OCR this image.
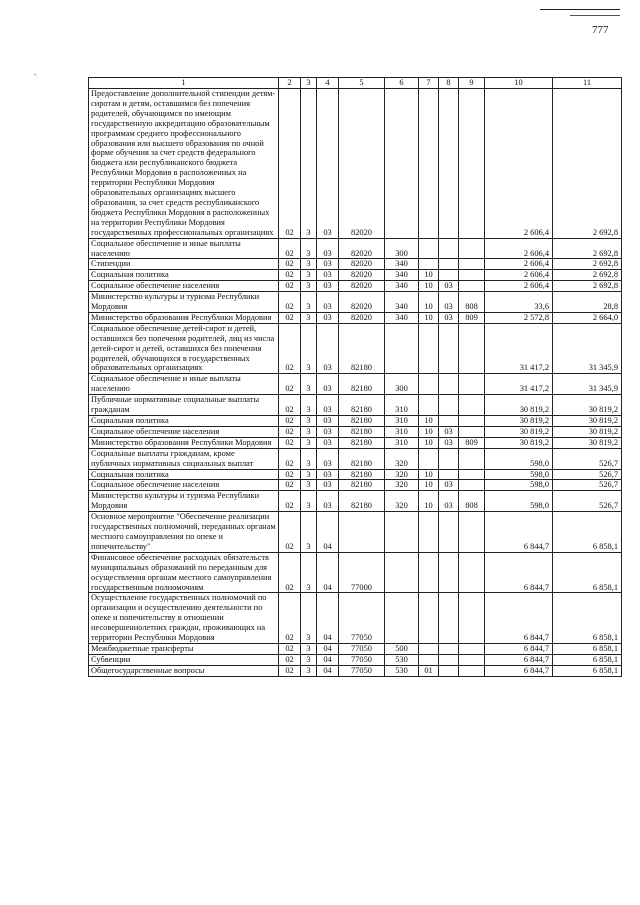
777
-
1	2	3	4	5	6	7	8	9	10	11
Предоставление дополнительной стипендии детям-сиротам и детям, оставшимся без попечения родителей, обучающимся по имеющим государственную аккредитацию образовательным программам среднего профессионального образования или высшего образования по очной форме обучения за счет средств федерального бюджета или республиканского бюджета Республики Мордовия в расположенных на территории Республики Мордовия образовательных организациях высшего образования, за счет средств республиканского бюджета Республики Мордовия в расположенных на территории Республики Мордовия государственных профессиональных организациях	02	3	03	82020					2 606,4	2 692,8
Социальное обеспечение и иные выплаты населению	02	3	03	82020	300				2 606,4	2 692,8
Стипендии	02	3	03	82020	340				2 606,4	2 692,8
Социальная политика	02	3	03	82020	340	10			2 606,4	2 692,8
Социальное обеспечение населения	02	3	03	82020	340	10	03		2 606,4	2 692,8
Министерство культуры и туризма Республики Мордовия	02	3	03	82020	340	10	03	808	33,6	28,8
Министерство образования Республики Мордовия	02	3	03	82020	340	10	03	809	2 572,8	2 664,0
Социальное обеспечение детей-сирот и детей, оставшихся без попечения родителей, лиц из числа детей-сирот и детей, оставшихся без попечения родителей, обучающихся в государственных образовательных организациях	02	3	03	82180					31 417,2	31 345,9
Социальное обеспечение и иные выплаты населению	02	3	03	82180	300				31 417,2	31 345,9
Публичные нормативные социальные выплаты гражданам	02	3	03	82180	310				30 819,2	30 819,2
Социальная политика	02	3	03	82180	310	10			30 819,2	30 819,2
Социальное обеспечение населения	02	3	03	82180	310	10	03		30 819,2	30 819,2
Министерство образования Республики Мордовия	02	3	03	82180	310	10	03	809	30 819,2	30 819,2
Социальные выплаты гражданам, кроме публичных нормативных социальных выплат	02	3	03	82180	320				598,0	526,7
Социальная политика	02	3	03	82180	320	10			598,0	526,7
Социальное обеспечение населения	02	3	03	82180	320	10	03		598,0	526,7
Министерство культуры и туризма Республики Мордовия	02	3	03	82180	320	10	03	808	598,0	526,7
Основное мероприятие "Обеспечение реализации государственных полномочий, переданных органам местного самоуправления по опеке и попечительству"	02	3	04						6 844,7	6 858,1
Финансовое обеспечение расходных обязательств муниципальных образований по переданным для осуществления органам местного самоуправления государственным полномочиям	02	3	04	77000					6 844,7	6 858,1
Осуществление государственных полномочий по организации и осуществлению деятельности по опеке и попечительству в отношении несовершеннолетних граждан, проживающих на территории Республики Мордовия	02	3	04	77050					6 844,7	6 858,1
Межбюджетные трансферты	02	3	04	77050	500				6 844,7	6 858,1
Субвенции	02	3	04	77050	530				6 844,7	6 858,1
Общегосударственные вопросы	02	3	04	77050	530	01			6 844,7	6 858,1
